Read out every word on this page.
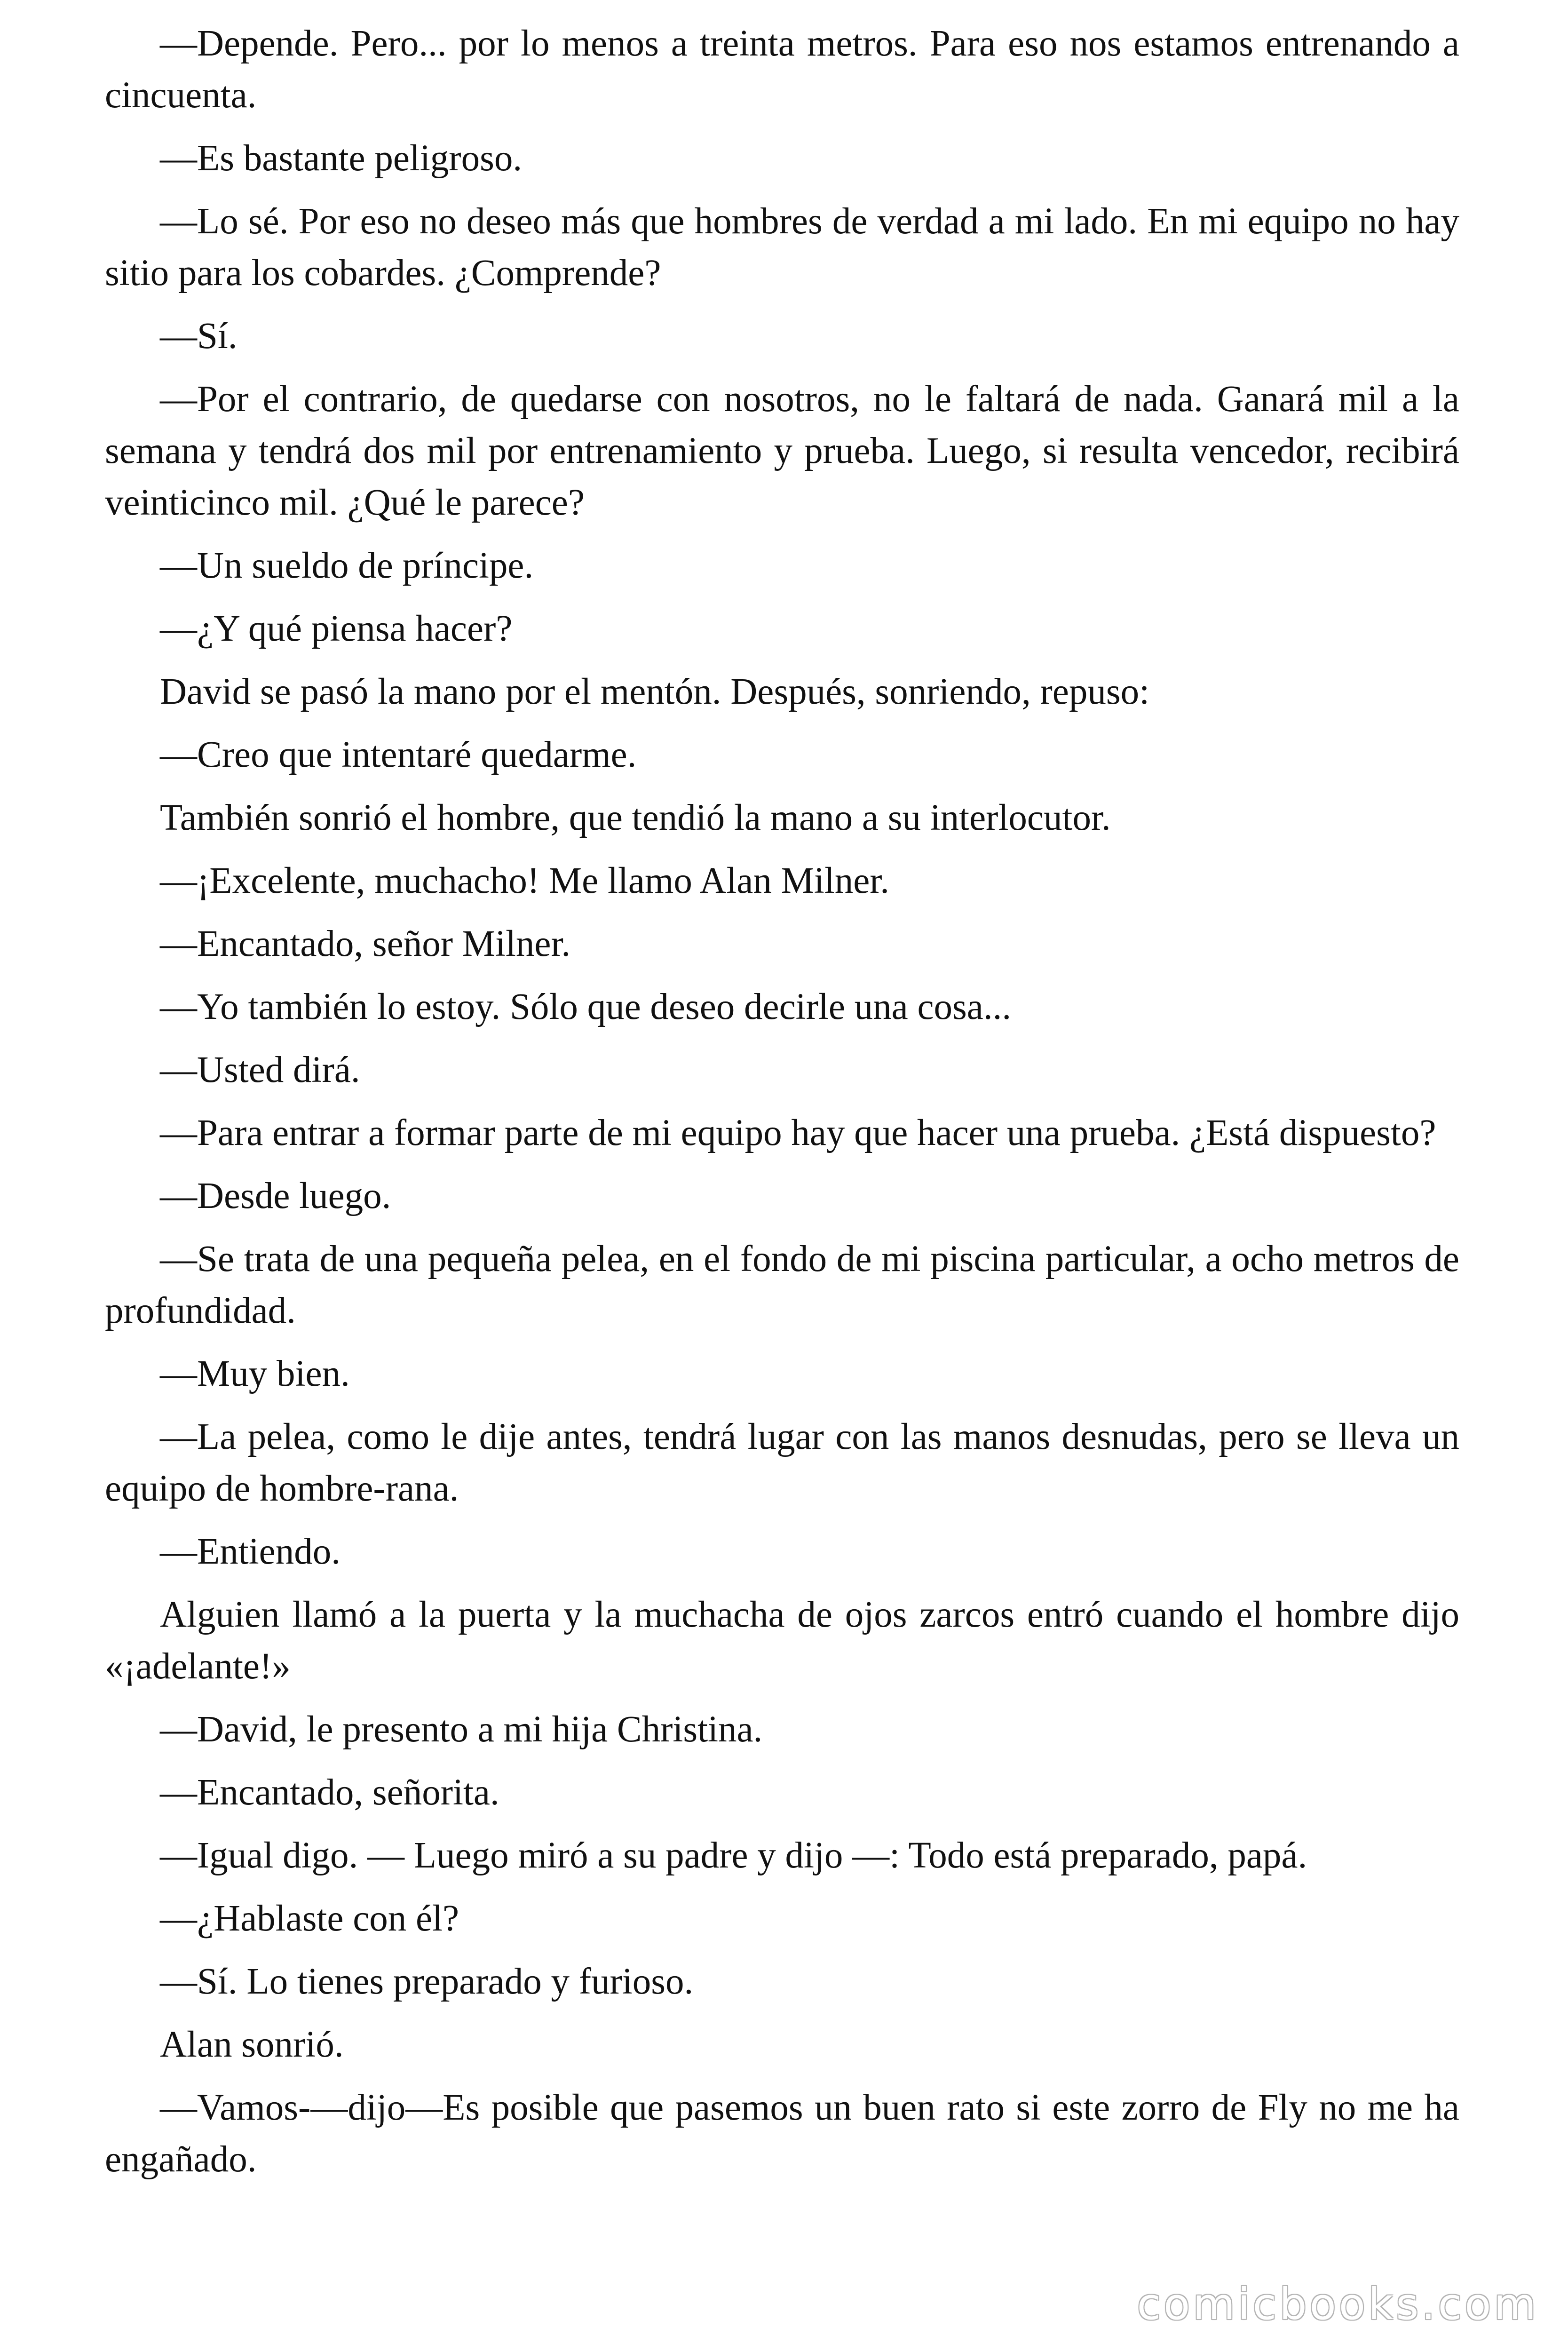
—Depende. Pero... por lo menos a treinta metros. Para eso nos estamos entrenando a cincuenta.

—Es bastante peligroso.

—Lo sé. Por eso no deseo más que hombres de verdad a mi lado. En mi equipo no hay sitio para los cobardes. ¿Comprende?

—Sí.

—Por el contrario, de quedarse con nosotros, no le faltará de nada. Ganará mil a la semana y tendrá dos mil por entrenamiento y prueba. Luego, si resulta vencedor, recibirá veinticinco mil. ¿Qué le parece?

—Un sueldo de príncipe.

—¿Y qué piensa hacer?

David se pasó la mano por el mentón. Después, sonriendo, repuso:

—Creo que intentaré quedarme.

También sonrió el hombre, que tendió la mano a su interlocutor.

—¡Excelente, muchacho! Me llamo Alan Milner.

—Encantado, señor Milner.

—Yo también lo estoy. Sólo que deseo decirle una cosa...

—Usted dirá.

—Para entrar a formar parte de mi equipo hay que hacer una prueba. ¿Está dispuesto?

—Desde luego.

—Se trata de una pequeña pelea, en el fondo de mi piscina particular, a ocho metros de profundidad.

—Muy bien.

—La pelea, como le dije antes, tendrá lugar con las manos desnudas, pero se lleva un equipo de hombre-rana.

—Entiendo.

Alguien llamó a la puerta y la muchacha de ojos zarcos entró cuando el hombre dijo «¡adelante!»

—David, le presento a mi hija Christina.

—Encantado, señorita.

—Igual digo. — Luego miró a su padre y dijo —: Todo está preparado, papá.

—¿Hablaste con él?

—Sí. Lo tienes preparado y furioso.

Alan sonrió.

—Vamos-—dijo—Es posible que pasemos un buen rato si este zorro de Fly no me ha engañado.

comicbooks.com
